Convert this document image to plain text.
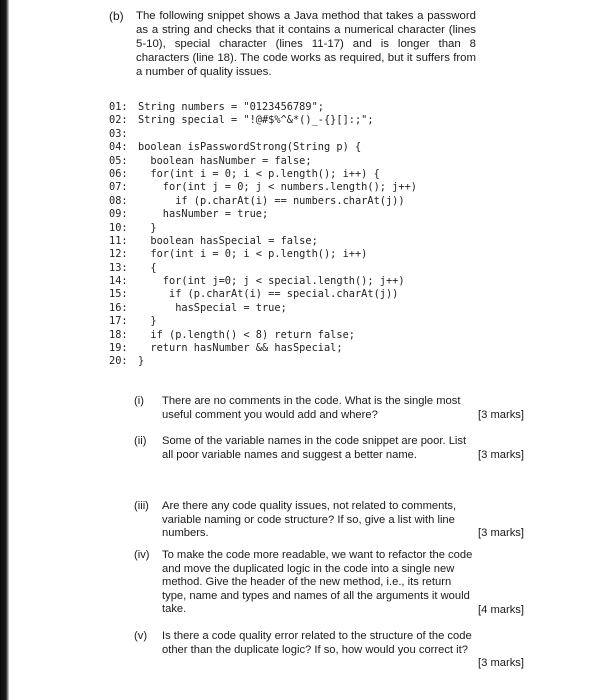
(b) The following snippet shows a Java method that takes a password as a string and checks that it contains a numerical character (lines 5-10), special character (lines 11-17) and is longer than 8 characters (line 18). The code works as required, but it suffers from a number of quality issues.
01: String numbers = "0123456789";
02: String special = "!@#$%^&*()_-{}[]:;";
03:
04: boolean isPasswordStrong(String p) {
05:  boolean hasNumber = false;
06:  for(int i = 0; i < p.length(); i++) {
07:    for(int j = 0; j < numbers.length(); j++)
08:      if (p.charAt(i) == numbers.charAt(j))
09:    hasNumber = true;
10:  }
11:  boolean hasSpecial = false;
12:  for(int i = 0; i < p.length(); i++)
13:  {
14:    for(int j=0; j < special.length(); j++)
15:     if (p.charAt(i) == special.charAt(j))
16:      hasSpecial = true;
17:  }
18:  if (p.length() < 8) return false;
19:  return hasNumber && hasSpecial;
20: }
(i) There are no comments in the code. What is the single most useful comment you would add and where?	[3 marks]
(ii) Some of the variable names in the code snippet are poor. List all poor variable names and suggest a better name.	[3 marks]
(iii) Are there any code quality issues, not related to comments, variable naming or code structure? If so, give a list with line numbers.	[3 marks]
(iv) To make the code more readable, we want to refactor the code and move the duplicated logic in the code into a single new method. Give the header of the new method, i.e., its return type, name and types and names of all the arguments it would take.	[4 marks]
(v) Is there a code quality error related to the structure of the code other than the duplicate logic? If so, how would you correct it?
[3 marks]
